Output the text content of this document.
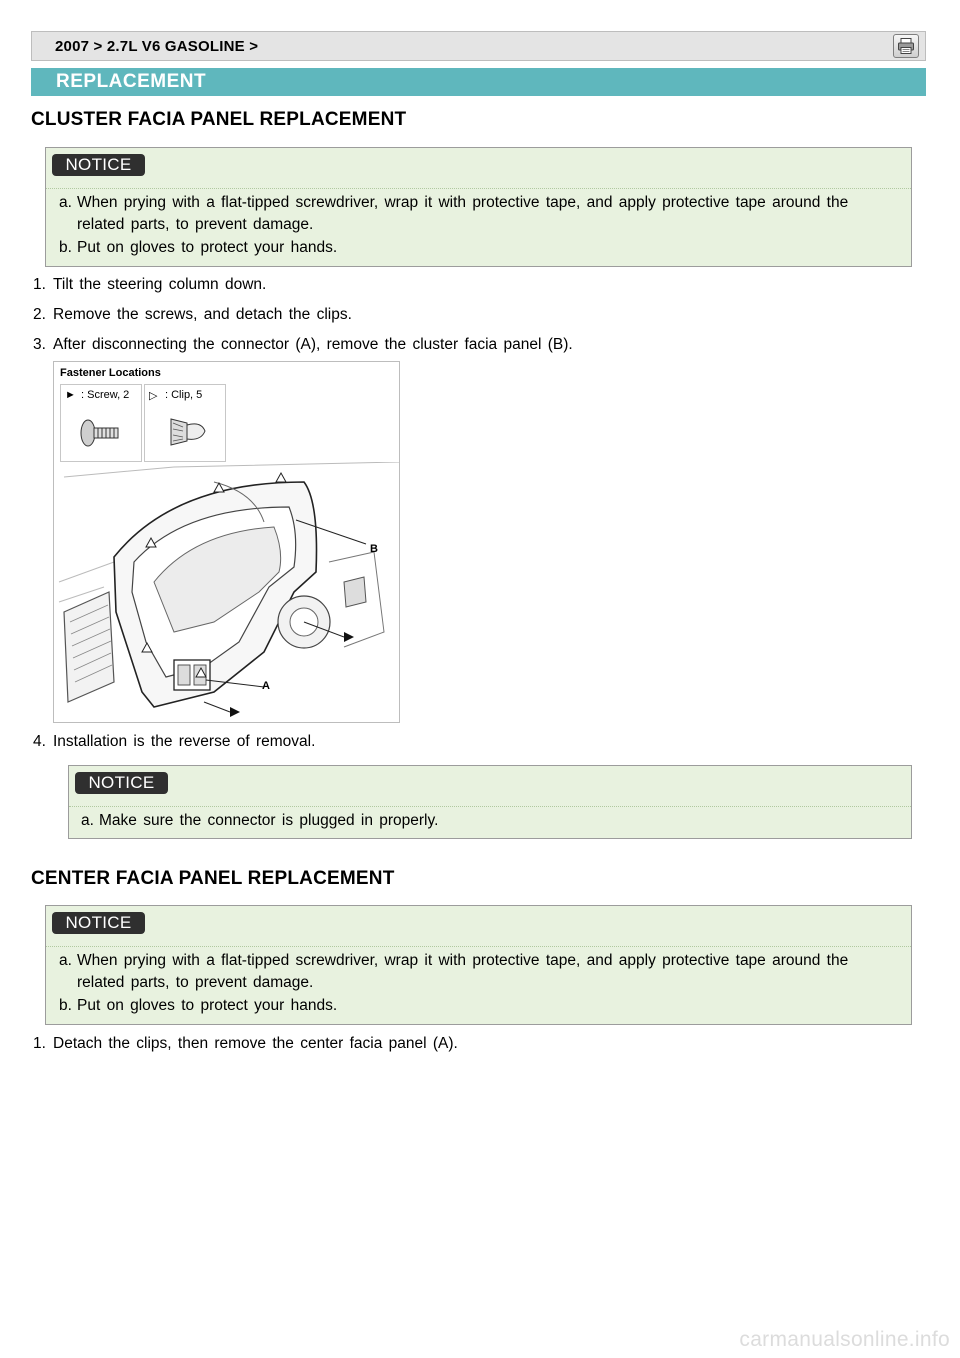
2007 > 2.7L V6 GASOLINE >
REPLACEMENT
CLUSTER FACIA PANEL REPLACEMENT
NOTICE
a. When prying with a flat-tipped screwdriver, wrap it with protective tape, and apply protective tape around the
related parts, to prevent damage.
b. Put on gloves to protect your hands.
1. Tilt the steering column down.
2. Remove the screws, and detach the clips.
3. After disconnecting the connector (A), remove the cluster facia panel (B).
Fastener Locations
► : Screw, 2 ▷ : Clip, 5
B
A
4. Installation is the reverse of removal.
NOTICE
a. Make sure the connector is plugged in properly.
CENTER FACIA PANEL REPLACEMENT
NOTICE
a. When prying with a flat-tipped screwdriver, wrap it with protective tape, and apply protective tape around the
related parts, to prevent damage.
b. Put on gloves to protect your hands.
1. Detach the clips, then remove the center facia panel (A).
carmanualsonline.info
